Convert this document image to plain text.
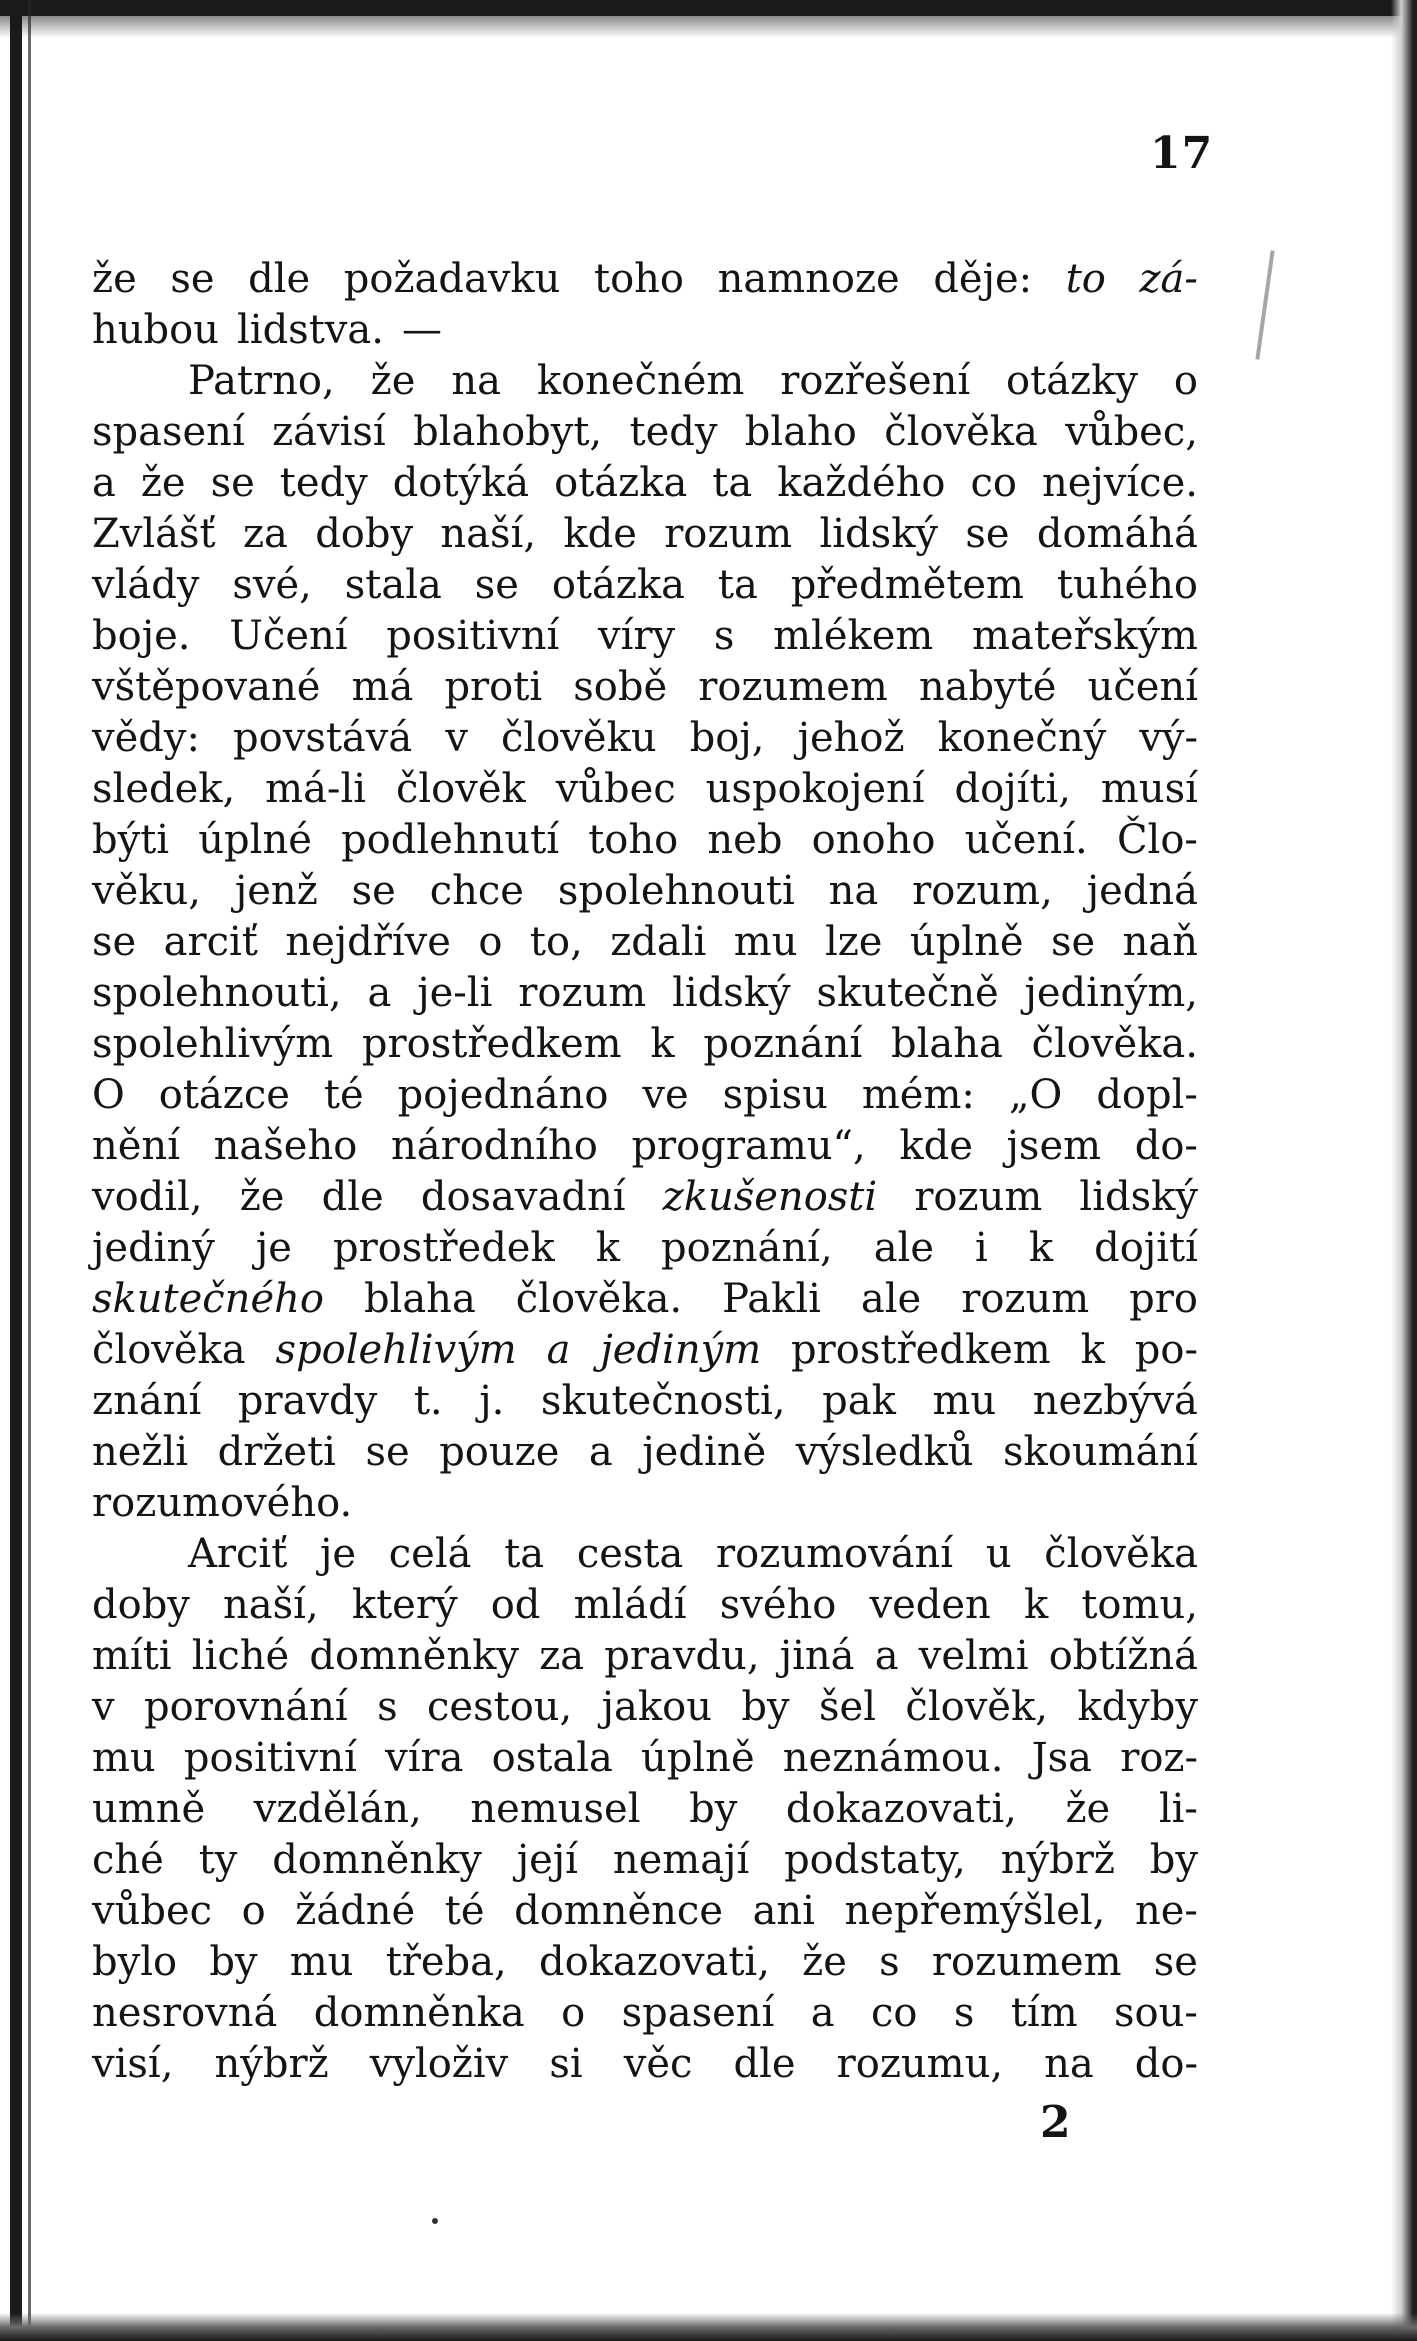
17
že se dle požadavku toho namnoze děje: to zá-
hubou lidstva. —
Patrno, že na konečném rozřešení otázky o
spasení závisí blahobyt, tedy blaho člověka vůbec,
a že se tedy dotýká otázka ta každého co nejvíce.
Zvlášť za doby naší, kde rozum lidský se domáhá
vlády své, stala se otázka ta předmětem tuhého
boje. Učení positivní víry s mlékem mateřským
vštěpované má proti sobě rozumem nabyté učení
vědy: povstává v člověku boj, jehož konečný vý-
sledek, má-li člověk vůbec uspokojení dojíti, musí
býti úplné podlehnutí toho neb onoho učení. Člo-
věku, jenž se chce spolehnouti na rozum, jedná
se arciť nejdříve o to, zdali mu lze úplně se naň
spolehnouti, a je-li rozum lidský skutečně jediným,
spolehlivým prostředkem k poznání blaha člověka.
O otázce té pojednáno ve spisu mém: „O dopl-
nění našeho národního programu“, kde jsem do-
vodil, že dle dosavadní zkušenosti rozum lidský
jediný je prostředek k poznání, ale i k dojití
skutečného blaha člověka. Pakli ale rozum pro
člověka spolehlivým a jediným prostředkem k po-
znání pravdy t. j. skutečnosti, pak mu nezbývá
nežli držeti se pouze a jedině výsledků skoumání
rozumového.
Arciť je celá ta cesta rozumování u člověka
doby naší, který od mládí svého veden k tomu,
míti liché domněnky za pravdu, jiná a velmi obtížná
v porovnání s cestou, jakou by šel člověk, kdyby
mu positivní víra ostala úplně neznámou. Jsa roz-
umně vzdělán, nemusel by dokazovati, že li-
ché ty domněnky její nemají podstaty, nýbrž by
vůbec o žádné té domněnce ani nepřemýšlel, ne-
bylo by mu třeba, dokazovati, že s rozumem se
nesrovná domněnka o spasení a co s tím sou-
visí, nýbrž vyloživ si věc dle rozumu, na do-
2
